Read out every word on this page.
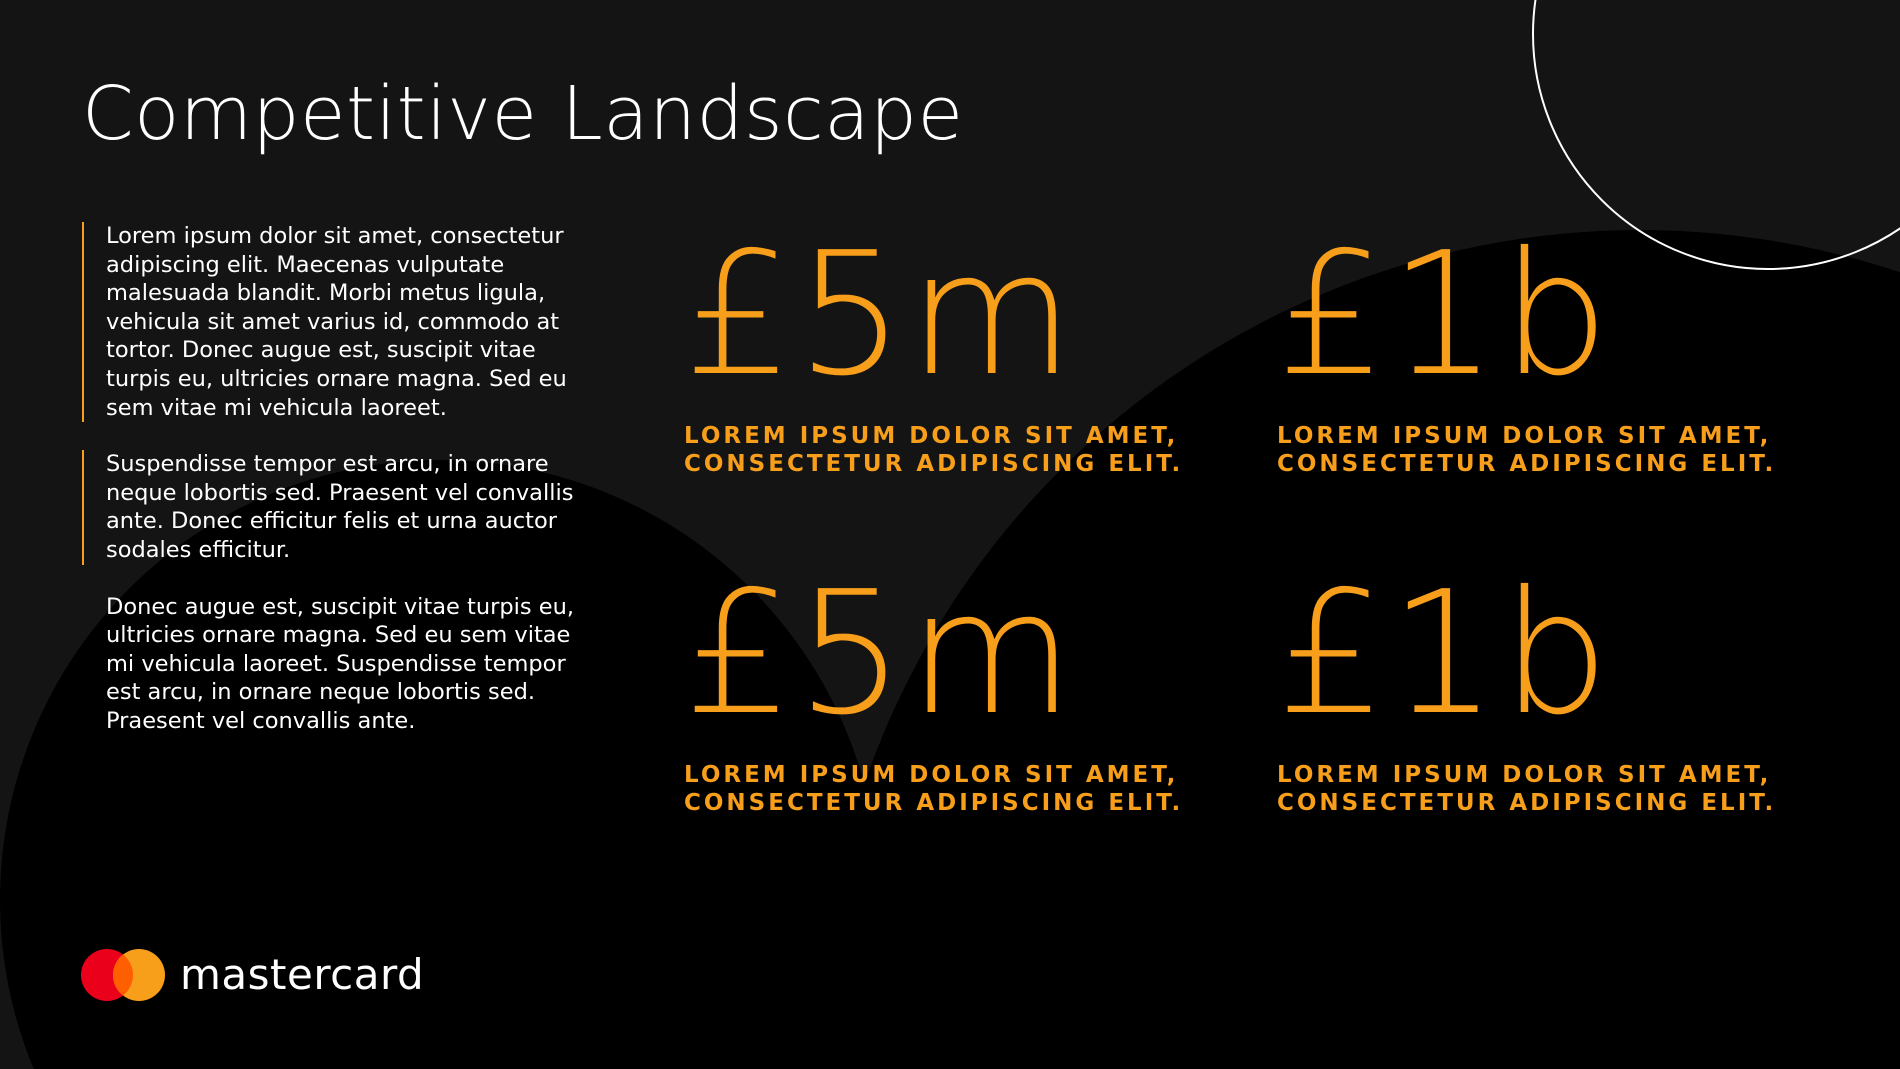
Competitive Landscape
Lorem ipsum dolor sit amet, consectetur adipiscing elit. Maecenas vulputate malesuada blandit. Morbi metus ligula, vehicula sit amet varius id, commodo at tortor. Donec augue est, suscipit vitae turpis eu, ultricies ornare magna. Sed eu sem vitae mi vehicula laoreet.
Suspendisse tempor est arcu, in ornare neque lobortis sed. Praesent vel convallis ante. Donec efficitur felis et urna auctor sodales efficitur.
Donec augue est, suscipit vitae turpis eu, ultricies ornare magna. Sed eu sem vitae mi vehicula laoreet. Suspendisse tempor est arcu, in ornare neque lobortis sed. Praesent vel convallis ante.
£5m
LOREM IPSUM DOLOR SIT AMET,
CONSECTETUR ADIPISCING ELIT.
£1b
LOREM IPSUM DOLOR SIT AMET,
CONSECTETUR ADIPISCING ELIT.
£5m
LOREM IPSUM DOLOR SIT AMET,
CONSECTETUR ADIPISCING ELIT.
£1b
LOREM IPSUM DOLOR SIT AMET,
CONSECTETUR ADIPISCING ELIT.
mastercard
